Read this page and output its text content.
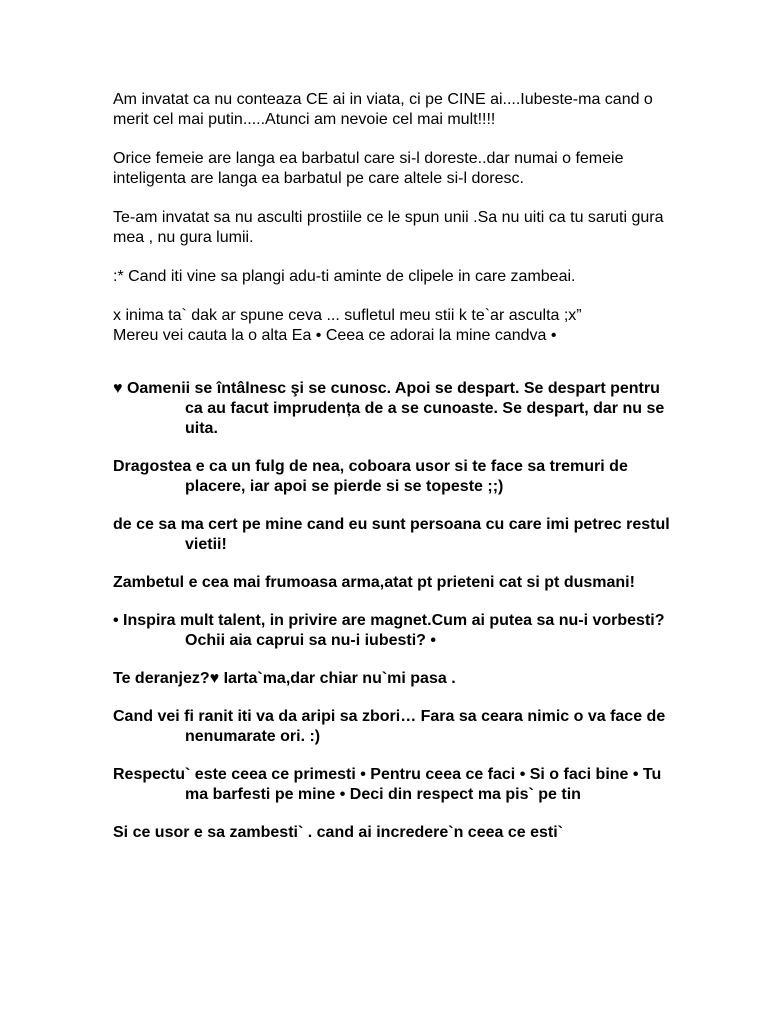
Am invatat ca nu conteaza CE ai in viata, ci pe CINE ai....Iubeste-ma cand o merit cel mai putin.....Atunci am nevoie cel mai mult!!!!

Orice femeie are langa ea barbatul care si-l doreste..dar numai o femeie inteligenta are langa ea barbatul pe care altele si-l doresc.

Te-am invatat sa nu asculti prostiile ce le spun unii .Sa nu uiti ca tu saruti gura mea , nu gura lumii.

:* Cand iti vine sa plangi adu-ti aminte de clipele in care zambeai.

x inima ta` dak ar spune ceva ... sufletul meu stii k te`ar asculta ;x”

Mereu vei cauta la o alta Ea • Ceea ce adorai la mine candva •

♥ Oamenii se întâlnesc şi se cunosc. Apoi se despart. Se despart pentru ca au facut imprudența de a se cunoaste. Se despart, dar nu se uita.

Dragostea e ca un fulg de nea, coboara usor si te face sa tremuri de placere, iar apoi se pierde si se topeste ;;)

de ce sa ma cert pe mine cand eu sunt persoana cu care imi petrec restul vietii!

Zambetul e cea mai frumoasa arma,atat pt prieteni cat si pt dusmani!

• Inspira mult talent, in privire are magnet.Cum ai putea sa nu-i vorbesti? Ochii aia caprui sa nu-i iubesti? •

Te deranjez?♥ Iarta`ma,dar chiar nu`mi pasa .

Cand vei fi ranit iti va da aripi sa zbori… Fara sa ceara nimic o va face de nenumarate ori. :)

Respectu` este ceea ce primesti • Pentru ceea ce faci • Si o faci bine • Tu ma barfesti pe mine • Deci din respect ma pis` pe tin

Si ce usor e sa zambesti` . cand ai incredere`n ceea ce esti`
